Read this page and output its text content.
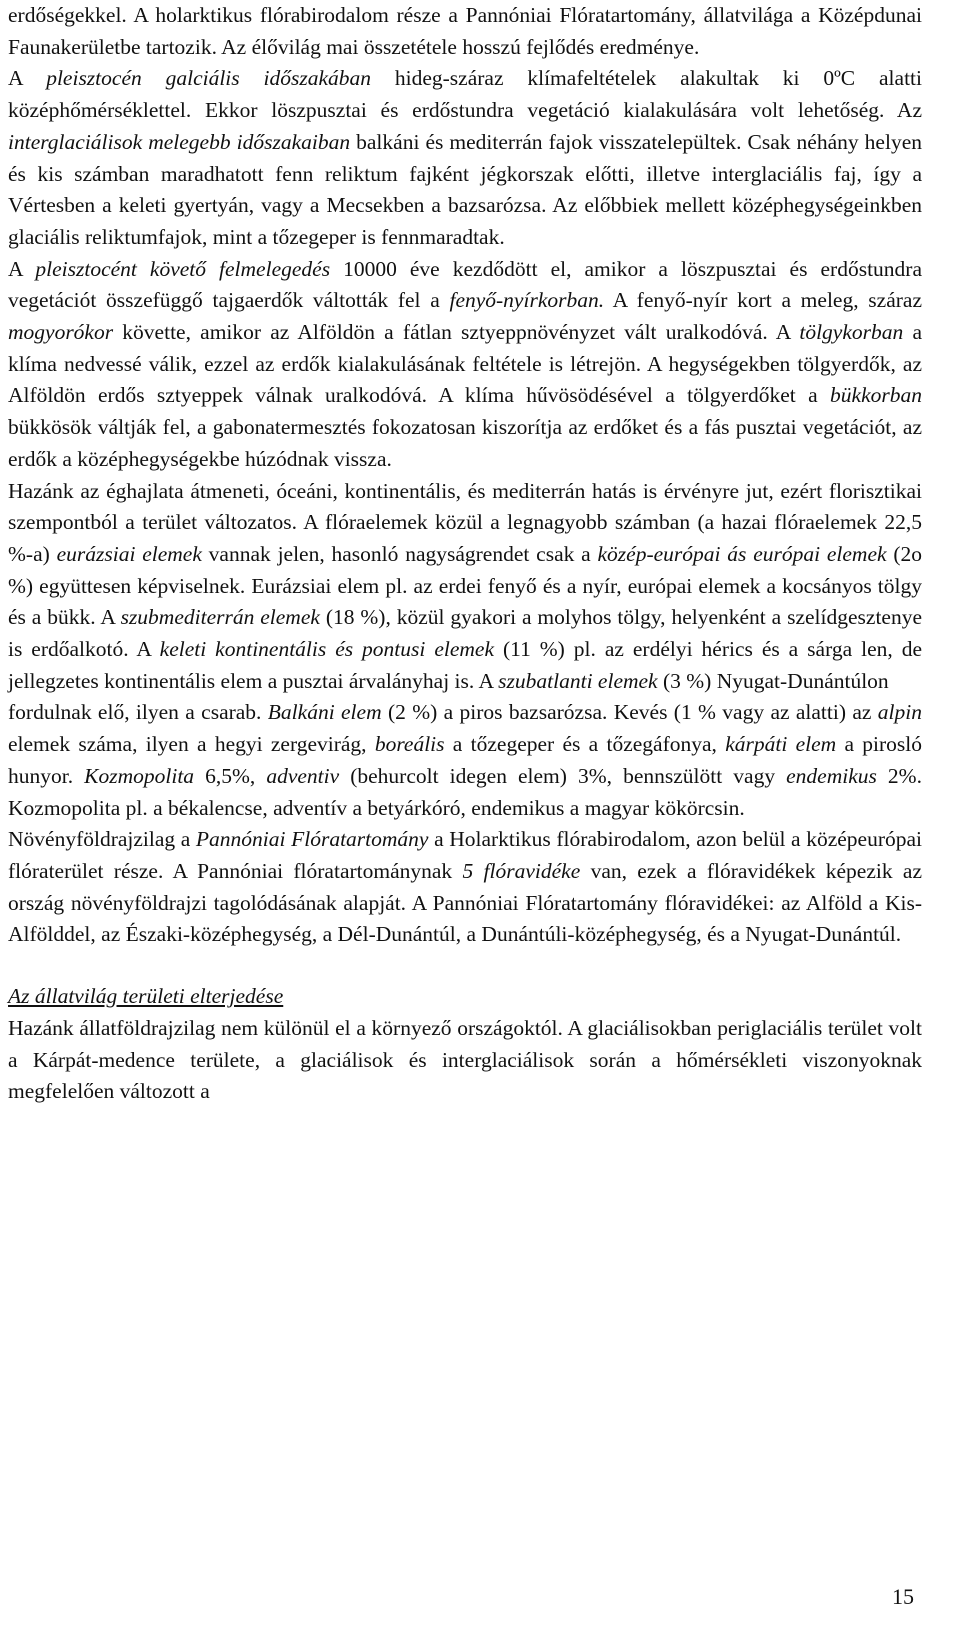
erdőségekkel. A holarktikus flórabirodalom része a Pannóniai Flóratartomány, állatvilága a Középdunai Faunakerületbe tartozik. Az élővilág mai összetétele hosszú fejlődés eredménye.

A pleisztocén galciális időszakában hideg-száraz klímafeltételek alakultak ki 0ºC alatti középhőmérséklettel. Ekkor löszpusztai és erdőstundra vegetáció kialakulására volt lehetőség. Az interglaciálisok melegebb időszakaiban balkáni és mediterrán fajok visszatelepültek. Csak néhány helyen és kis számban maradhatott fenn reliktum fajként jégkorszak előtti, illetve interglaciális faj, így a Vértesben a keleti gyertyán, vagy a Mecsekben a bazsarózsa. Az előbbiek mellett középhegységeinkben glaciális reliktumfajok, mint a tőzegeper is fennmaradtak.

A pleisztocént követő felmelegedés 10000 éve kezdődött el, amikor a löszpusztai és erdőstundra vegetációt összefüggő tajgaerdők váltották fel a fenyő-nyírkorban. A fenyő-nyír kort a meleg, száraz mogyorókor követte, amikor az Alföldön a fátlan sztyeppnövényzet vált uralkodóvá. A tölgykorban a klíma nedvessé válik, ezzel az erdők kialakulásának feltétele is létrejön. A hegységekben tölgyerdők, az Alföldön erdős sztyeppek válnak uralkodóvá. A klíma hűvösödésével a tölgyerdőket a bükkorban bükkösök váltják fel, a gabonatermesztés fokozatosan kiszorítja az erdőket és a fás pusztai vegetációt, az erdők a középhegységekbe húzódnak vissza.

Hazánk az éghajlata átmeneti, óceáni, kontinentális, és mediterrán hatás is érvényre jut, ezért florisztikai szempontból a terület változatos. A flóraelemek közül a legnagyobb számban (a hazai flóraelemek 22,5 %-a) eurázsiai elemek vannak jelen, hasonló nagyságrendet csak a közép-európai ás európai elemek (2o %) együttesen képviselnek. Eurázsiai elem pl. az erdei fenyő és a nyír, európai elemek a kocsányos tölgy és a bükk. A szubmediterrán elemek (18 %), közül gyakori a molyhos tölgy, helyenként a szelídgesztenye is erdőalkotó. A keleti kontinentális és pontusi elemek (11 %) pl. az erdélyi hérics és a sárga len, de jellegzetes kontinentális elem a pusztai árvalányhaj is. A szubatlanti elemek (3 %) Nyugat-Dunántúlon

fordulnak elő, ilyen a csarab. Balkáni elem (2 %) a piros bazsarózsa. Kevés (1 % vagy az alatti) az alpin elemek száma, ilyen a hegyi zergevirág, boreális a tőzegeper és a tőzegáfonya, kárpáti elem a pirosló hunyor. Kozmopolita 6,5%, adventiv (behurcolt idegen elem) 3%, bennszülött vagy endemikus 2%. Kozmopolita pl. a békalencse, adventív a betyárkóró, endemikus a magyar kökörcsin.

Növényföldrajzilag a Pannóniai Flóratartomány a Holarktikus flórabirodalom, azon belül a középeurópai flóraterület része. A Pannóniai flóratartománynak 5 flóravidéke van, ezek a flóravidékek képezik az ország növényföldrajzi tagolódásának alapját. A Pannóniai Flóratartomány flóravidékei: az Alföld a Kis-Alfölddel, az Északi-középhegység, a Dél-Dunántúl, a Dunántúli-középhegység, és a Nyugat-Dunántúl.

Az állatvilág területi elterjedése

Hazánk állatföldrajzilag nem különül el a környező országoktól. A glaciálisokban periglaciális terület volt a Kárpát-medence területe, a glaciálisok és interglaciálisok során a hőmérsékleti viszonyoknak megfelelően változott a

15
